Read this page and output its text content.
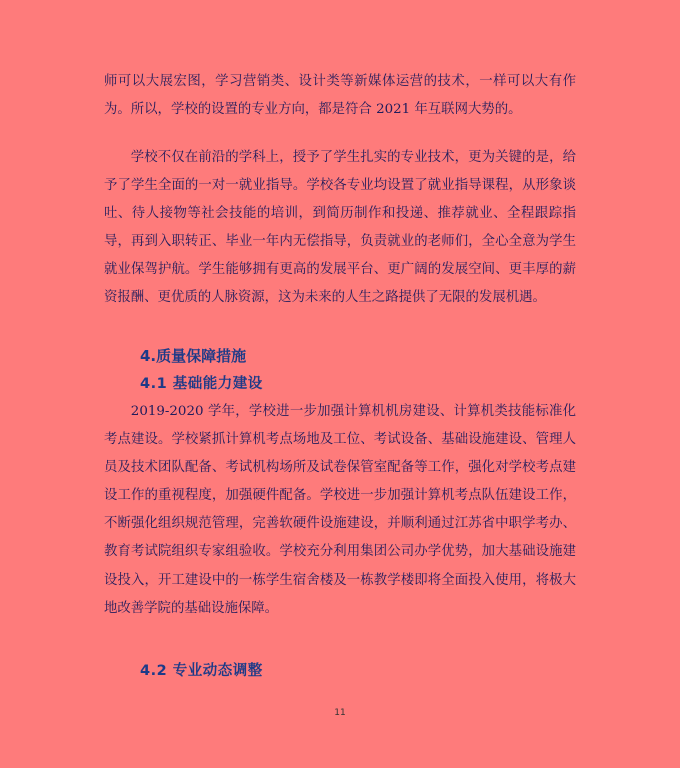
师可以大展宏图，学习营销类、设计类等新媒体运营的技术，一样可以大有作为。所以，学校的设置的专业方向，都是符合 2021 年互联网大势的。

学校不仅在前沿的学科上，授予了学生扎实的专业技术，更为关键的是，给予了学生全面的一对一就业指导。学校各专业均设置了就业指导课程，从形象谈吐、待人接物等社会技能的培训，到简历制作和投递、推荐就业、全程跟踪指导，再到入职转正、毕业一年内无偿指导，负责就业的老师们，全心全意为学生就业保驾护航。学生能够拥有更高的发展平台、更广阔的发展空间、更丰厚的薪资报酬、更优质的人脉资源，这为未来的人生之路提供了无限的发展机遇。

4.质量保障措施
4.1 基础能力建设

2019-2020 学年，学校进一步加强计算机机房建设、计算机类技能标准化考点建设。学校紧抓计算机考点场地及工位、考试设备、基础设施建设、管理人员及技术团队配备、考试机构场所及试卷保管室配备等工作，强化对学校考点建设工作的重视程度，加强硬件配备。学校进一步加强计算机考点队伍建设工作，不断强化组织规范管理，完善软硬件设施建设，并顺利通过江苏省中职学考办、教育考试院组织专家组验收。学校充分利用集团公司办学优势，加大基础设施建设投入，开工建设中的一栋学生宿舍楼及一栋教学楼即将全面投入使用，将极大地改善学院的基础设施保障。

4.2 专业动态调整
11
